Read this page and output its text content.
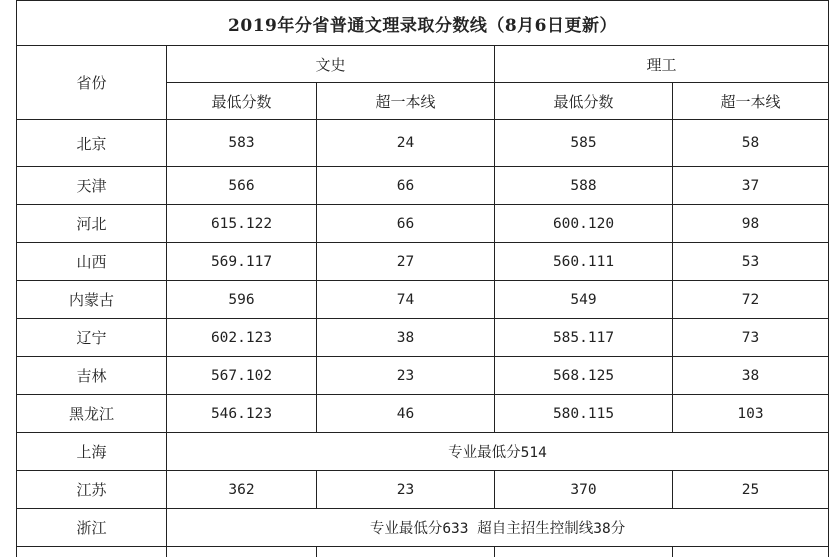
2019年分省普通文理录取分数线（8月6日更新）				
省份	文史		理工	
	最低分数	超一本线	最低分数	超一本线
北京	583	24	585	58
天津	566	66	588	37
河北	615.122	66	600.120	98
山西	569.117	27	560.111	53
内蒙古	596	74	549	72
辽宁	602.123	38	585.117	73
吉林	567.102	23	568.125	38
黑龙江	546.123	46	580.115	103
上海	专业最低分514			
江苏	362	23	370	25
浙江	专业最低分633 超自主招生控制线38分			
